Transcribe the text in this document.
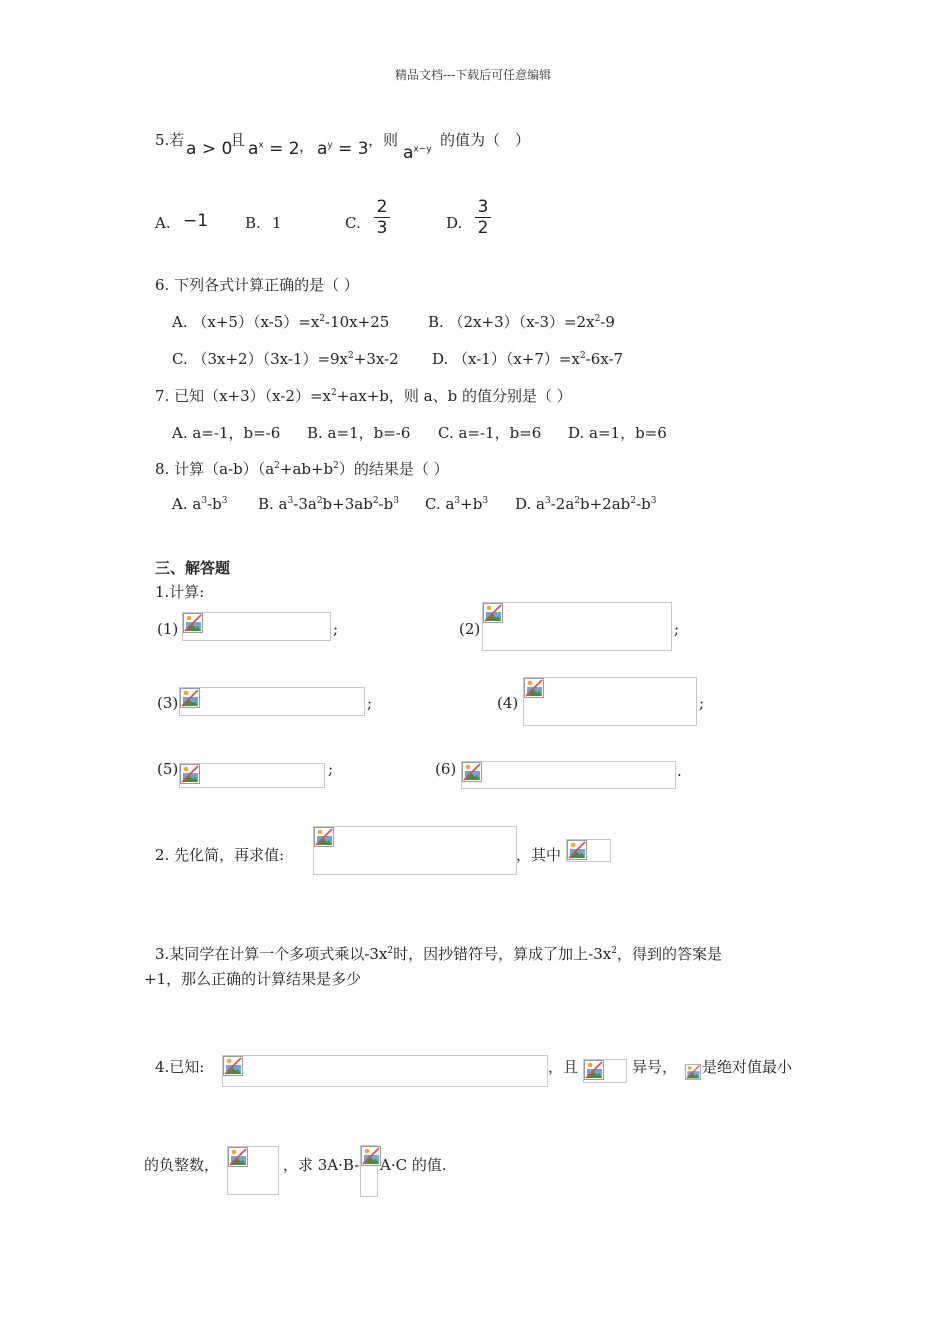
精品文档---下载后可任意编辑
5.若 a > 0
且 $a^x = 2$ ， $a^y = 3$ ，则
$a^{x-y}$
的值为（　）
A. −1 B. 1	C.
2
3	D.
3
2
6. 下列各式计算正确的是（ ）
A. $(x+5)(x-5)=x^2-10x+25$	B. $(2x+3)(x-3)=2x^2-9$
C. $(3x+2)(3x-1)=9x^2+3x-2$ D. $(x-1)(x+7)=x^2-6x-7$
7. 已知$(x+3)(x-2)=x^2+ax+b$，则 a、b 的值分别是（ ）
A. a=-1，b=-6 B. a=1，b=-6 C. a=-1，b=6 D. a=1，b=6
8. 计算$(a-b)(a^2+ab+b^2)$的结果是（ ）
A. $a^3-b^3$ B. $a^3-3a^2b+3ab^2-b^3$ C. $a^3+b^3$ D. $a^3-2a^2b+2ab^2-b^3$
三、解答题
1.计算:
(1)	;	(2)	;
(3)	;	(4)	;
(5)	;	(6)	.
2. 先化简，再求值:	，其中
3.某同学在计算一个多项式乘以$-3x^2$时，因抄错符号，算成了加上$-3x^2$，得到的答案是
+1，那么正确的计算结果是多少
4.已知:	，且	异号， 是绝对值最小
的负整数，	，求 3A·B- A·C 的值.
